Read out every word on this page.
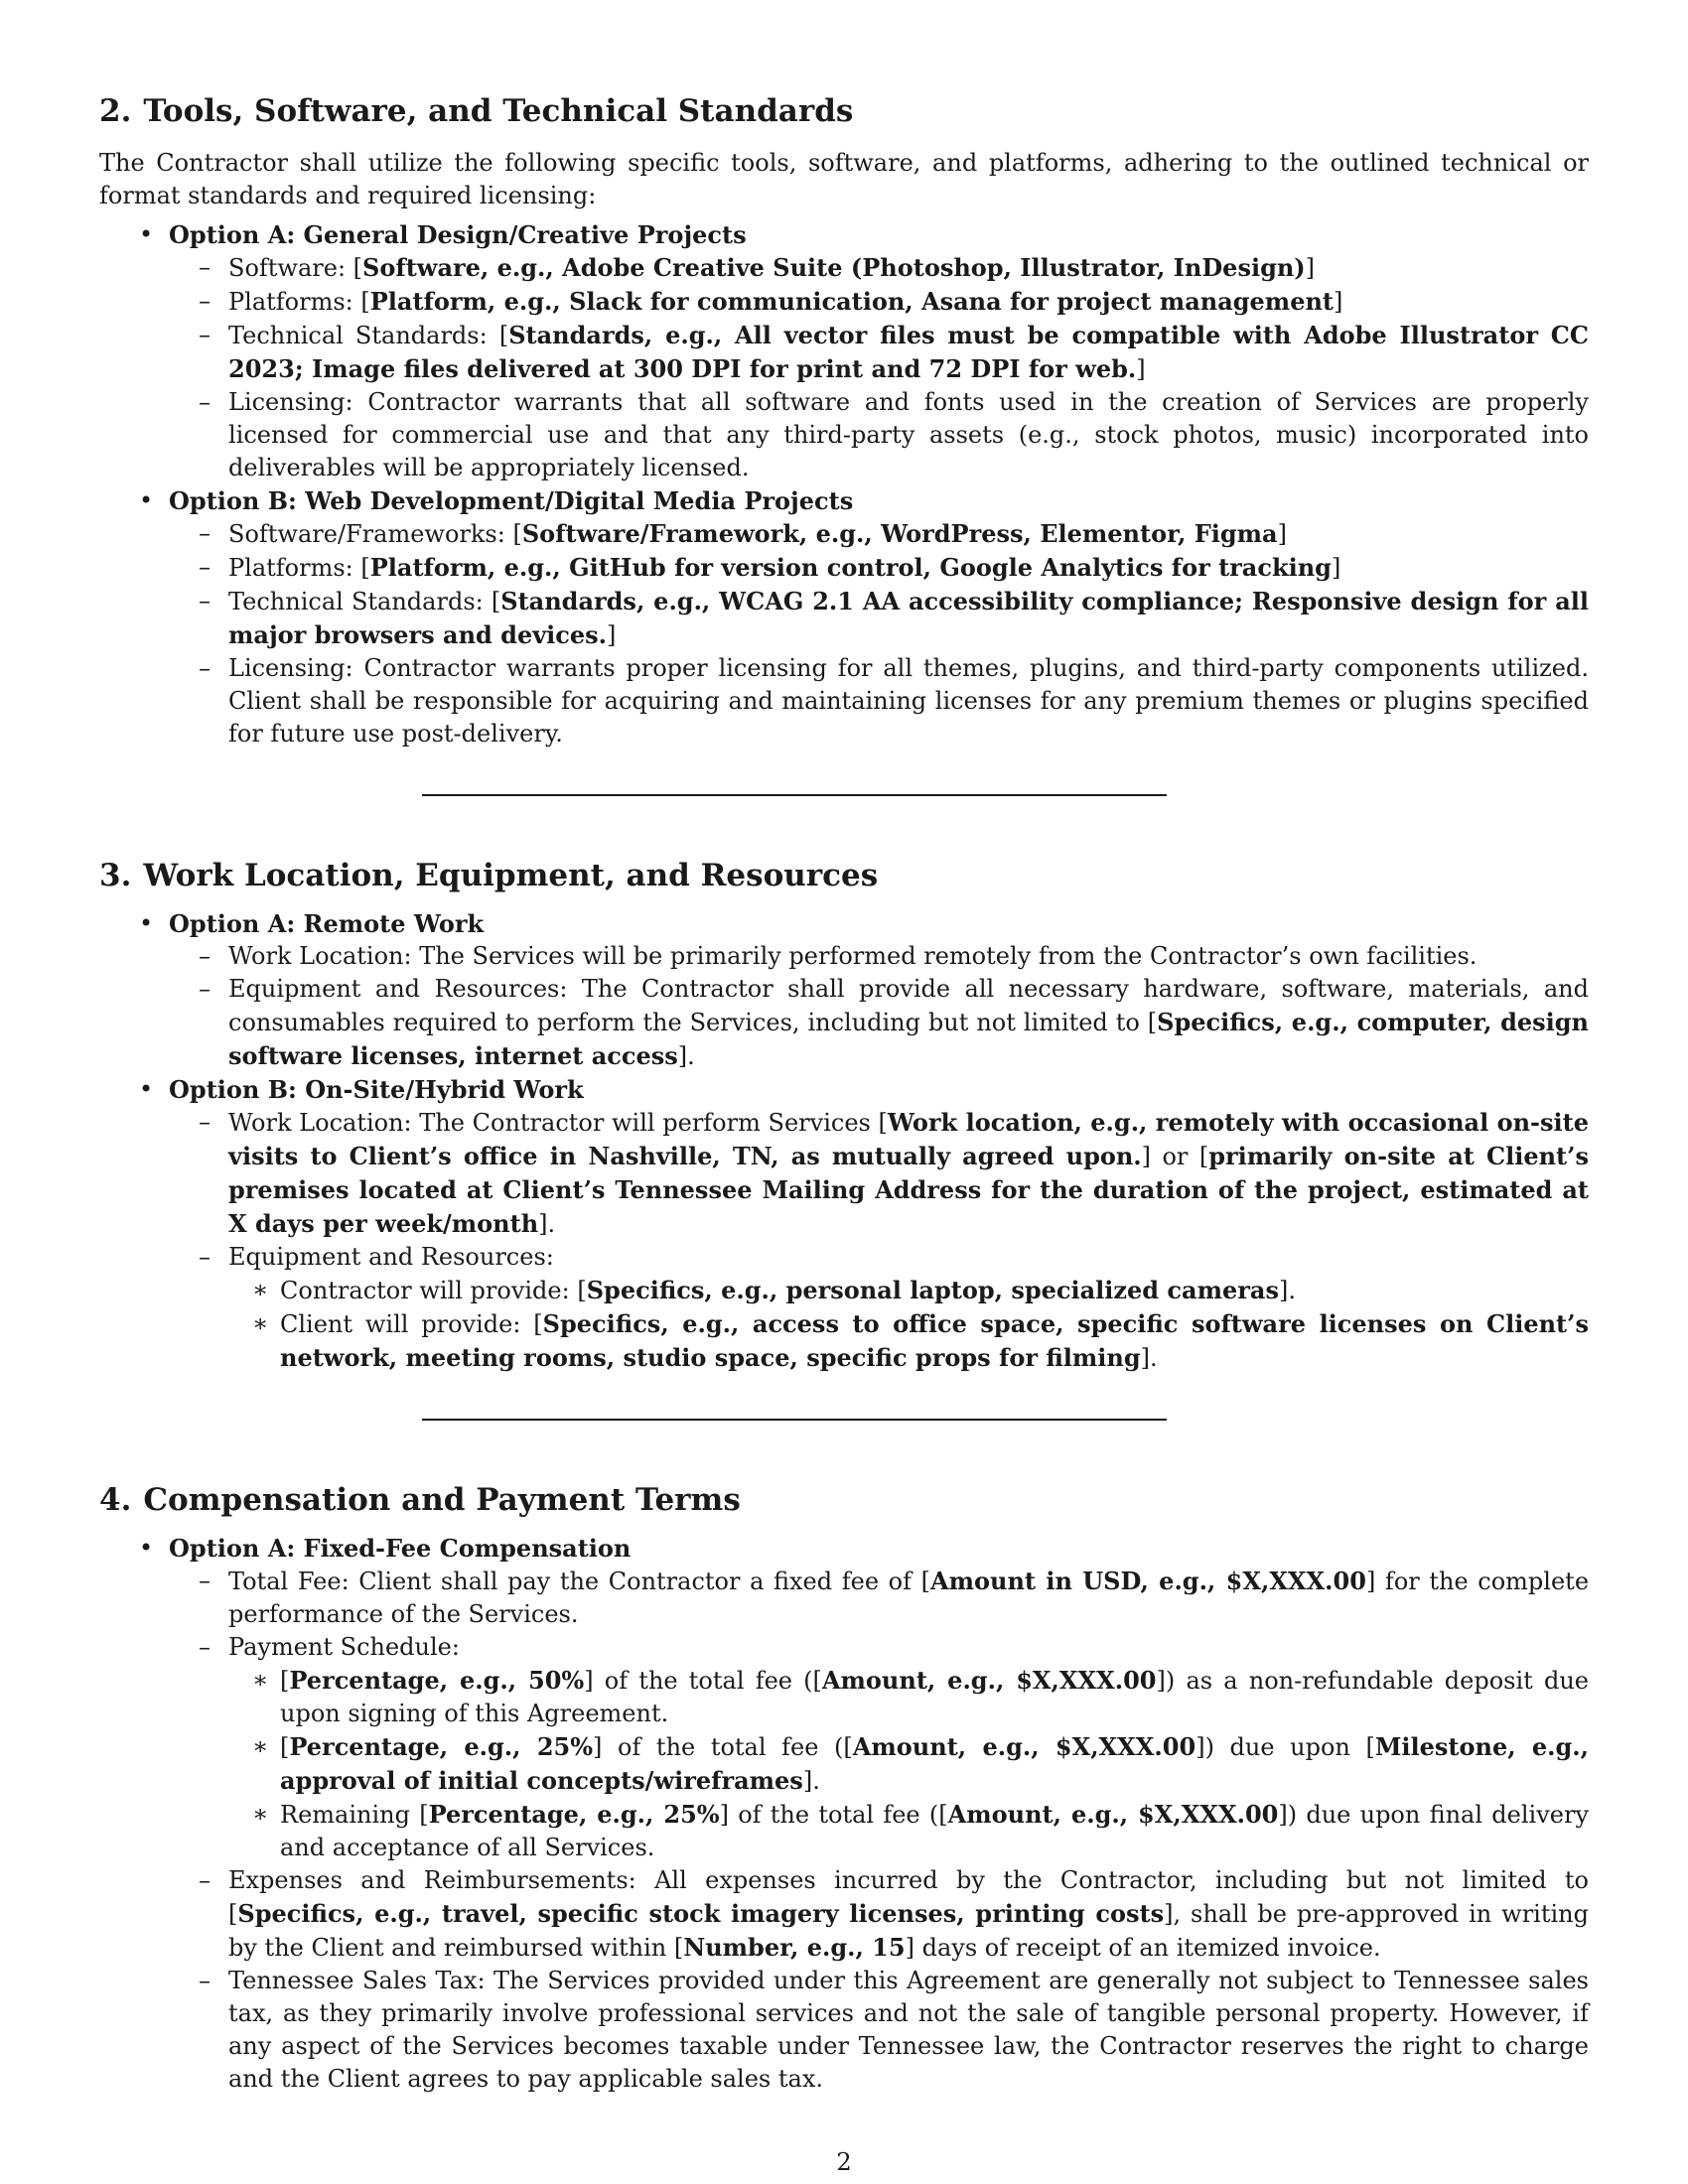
2. Tools, Software, and Technical Standards

The Contractor shall utilize the following specific tools, software, and platforms, adhering to the outlined technical or format standards and required licensing:

• Option A: General Design/Creative Projects
– Software: [Software, e.g., Adobe Creative Suite (Photoshop, Illustrator, InDesign)]
– Platforms: [Platform, e.g., Slack for communication, Asana for project management]
– Technical Standards: [Standards, e.g., All vector files must be compatible with Adobe Illustrator CC 2023; Image files delivered at 300 DPI for print and 72 DPI for web.]
– Licensing: Contractor warrants that all software and fonts used in the creation of Services are properly licensed for commercial use and that any third-party assets (e.g., stock photos, music) incorporated into deliverables will be appropriately licensed.
• Option B: Web Development/Digital Media Projects
– Software/Frameworks: [Software/Framework, e.g., WordPress, Elementor, Figma]
– Platforms: [Platform, e.g., GitHub for version control, Google Analytics for tracking]
– Technical Standards: [Standards, e.g., WCAG 2.1 AA accessibility compliance; Responsive design for all major browsers and devices.]
– Licensing: Contractor warrants proper licensing for all themes, plugins, and third-party components utilized. Client shall be responsible for acquiring and maintaining licenses for any premium themes or plugins specified for future use post-delivery.
3. Work Location, Equipment, and Resources
• Option A: Remote Work
– Work Location: The Services will be primarily performed remotely from the Contractor’s own facilities.
– Equipment and Resources: The Contractor shall provide all necessary hardware, software, materials, and consumables required to perform the Services, including but not limited to [Specifics, e.g., computer, design software licenses, internet access].
• Option B: On-Site/Hybrid Work
– Work Location: The Contractor will perform Services [Work location, e.g., remotely with occasional on-site visits to Client’s office in Nashville, TN, as mutually agreed upon.] or [primarily on-site at Client’s premises located at Client’s Tennessee Mailing Address for the duration of the project, estimated at X days per week/month].
– Equipment and Resources:
∗ Contractor will provide: [Specifics, e.g., personal laptop, specialized cameras].
∗ Client will provide: [Specifics, e.g., access to office space, specific software licenses on Client’s network, meeting rooms, studio space, specific props for filming].
4. Compensation and Payment Terms
• Option A: Fixed-Fee Compensation
– Total Fee: Client shall pay the Contractor a fixed fee of [Amount in USD, e.g., $X,XXX.00] for the complete performance of the Services.
– Payment Schedule:
∗ [Percentage, e.g., 50%] of the total fee ([Amount, e.g., $X,XXX.00]) as a non-refundable deposit due upon signing of this Agreement.
∗ [Percentage, e.g., 25%] of the total fee ([Amount, e.g., $X,XXX.00]) due upon [Milestone, e.g., approval of initial concepts/wireframes].
∗ Remaining [Percentage, e.g., 25%] of the total fee ([Amount, e.g., $X,XXX.00]) due upon final delivery and acceptance of all Services.
– Expenses and Reimbursements: All expenses incurred by the Contractor, including but not limited to [Specifics, e.g., travel, specific stock imagery licenses, printing costs], shall be pre-approved in writing by the Client and reimbursed within [Number, e.g., 15] days of receipt of an itemized invoice.
– Tennessee Sales Tax: The Services provided under this Agreement are generally not subject to Tennessee sales tax, as they primarily involve professional services and not the sale of tangible personal property. However, if any aspect of the Services becomes taxable under Tennessee law, the Contractor reserves the right to charge and the Client agrees to pay applicable sales tax.
2
